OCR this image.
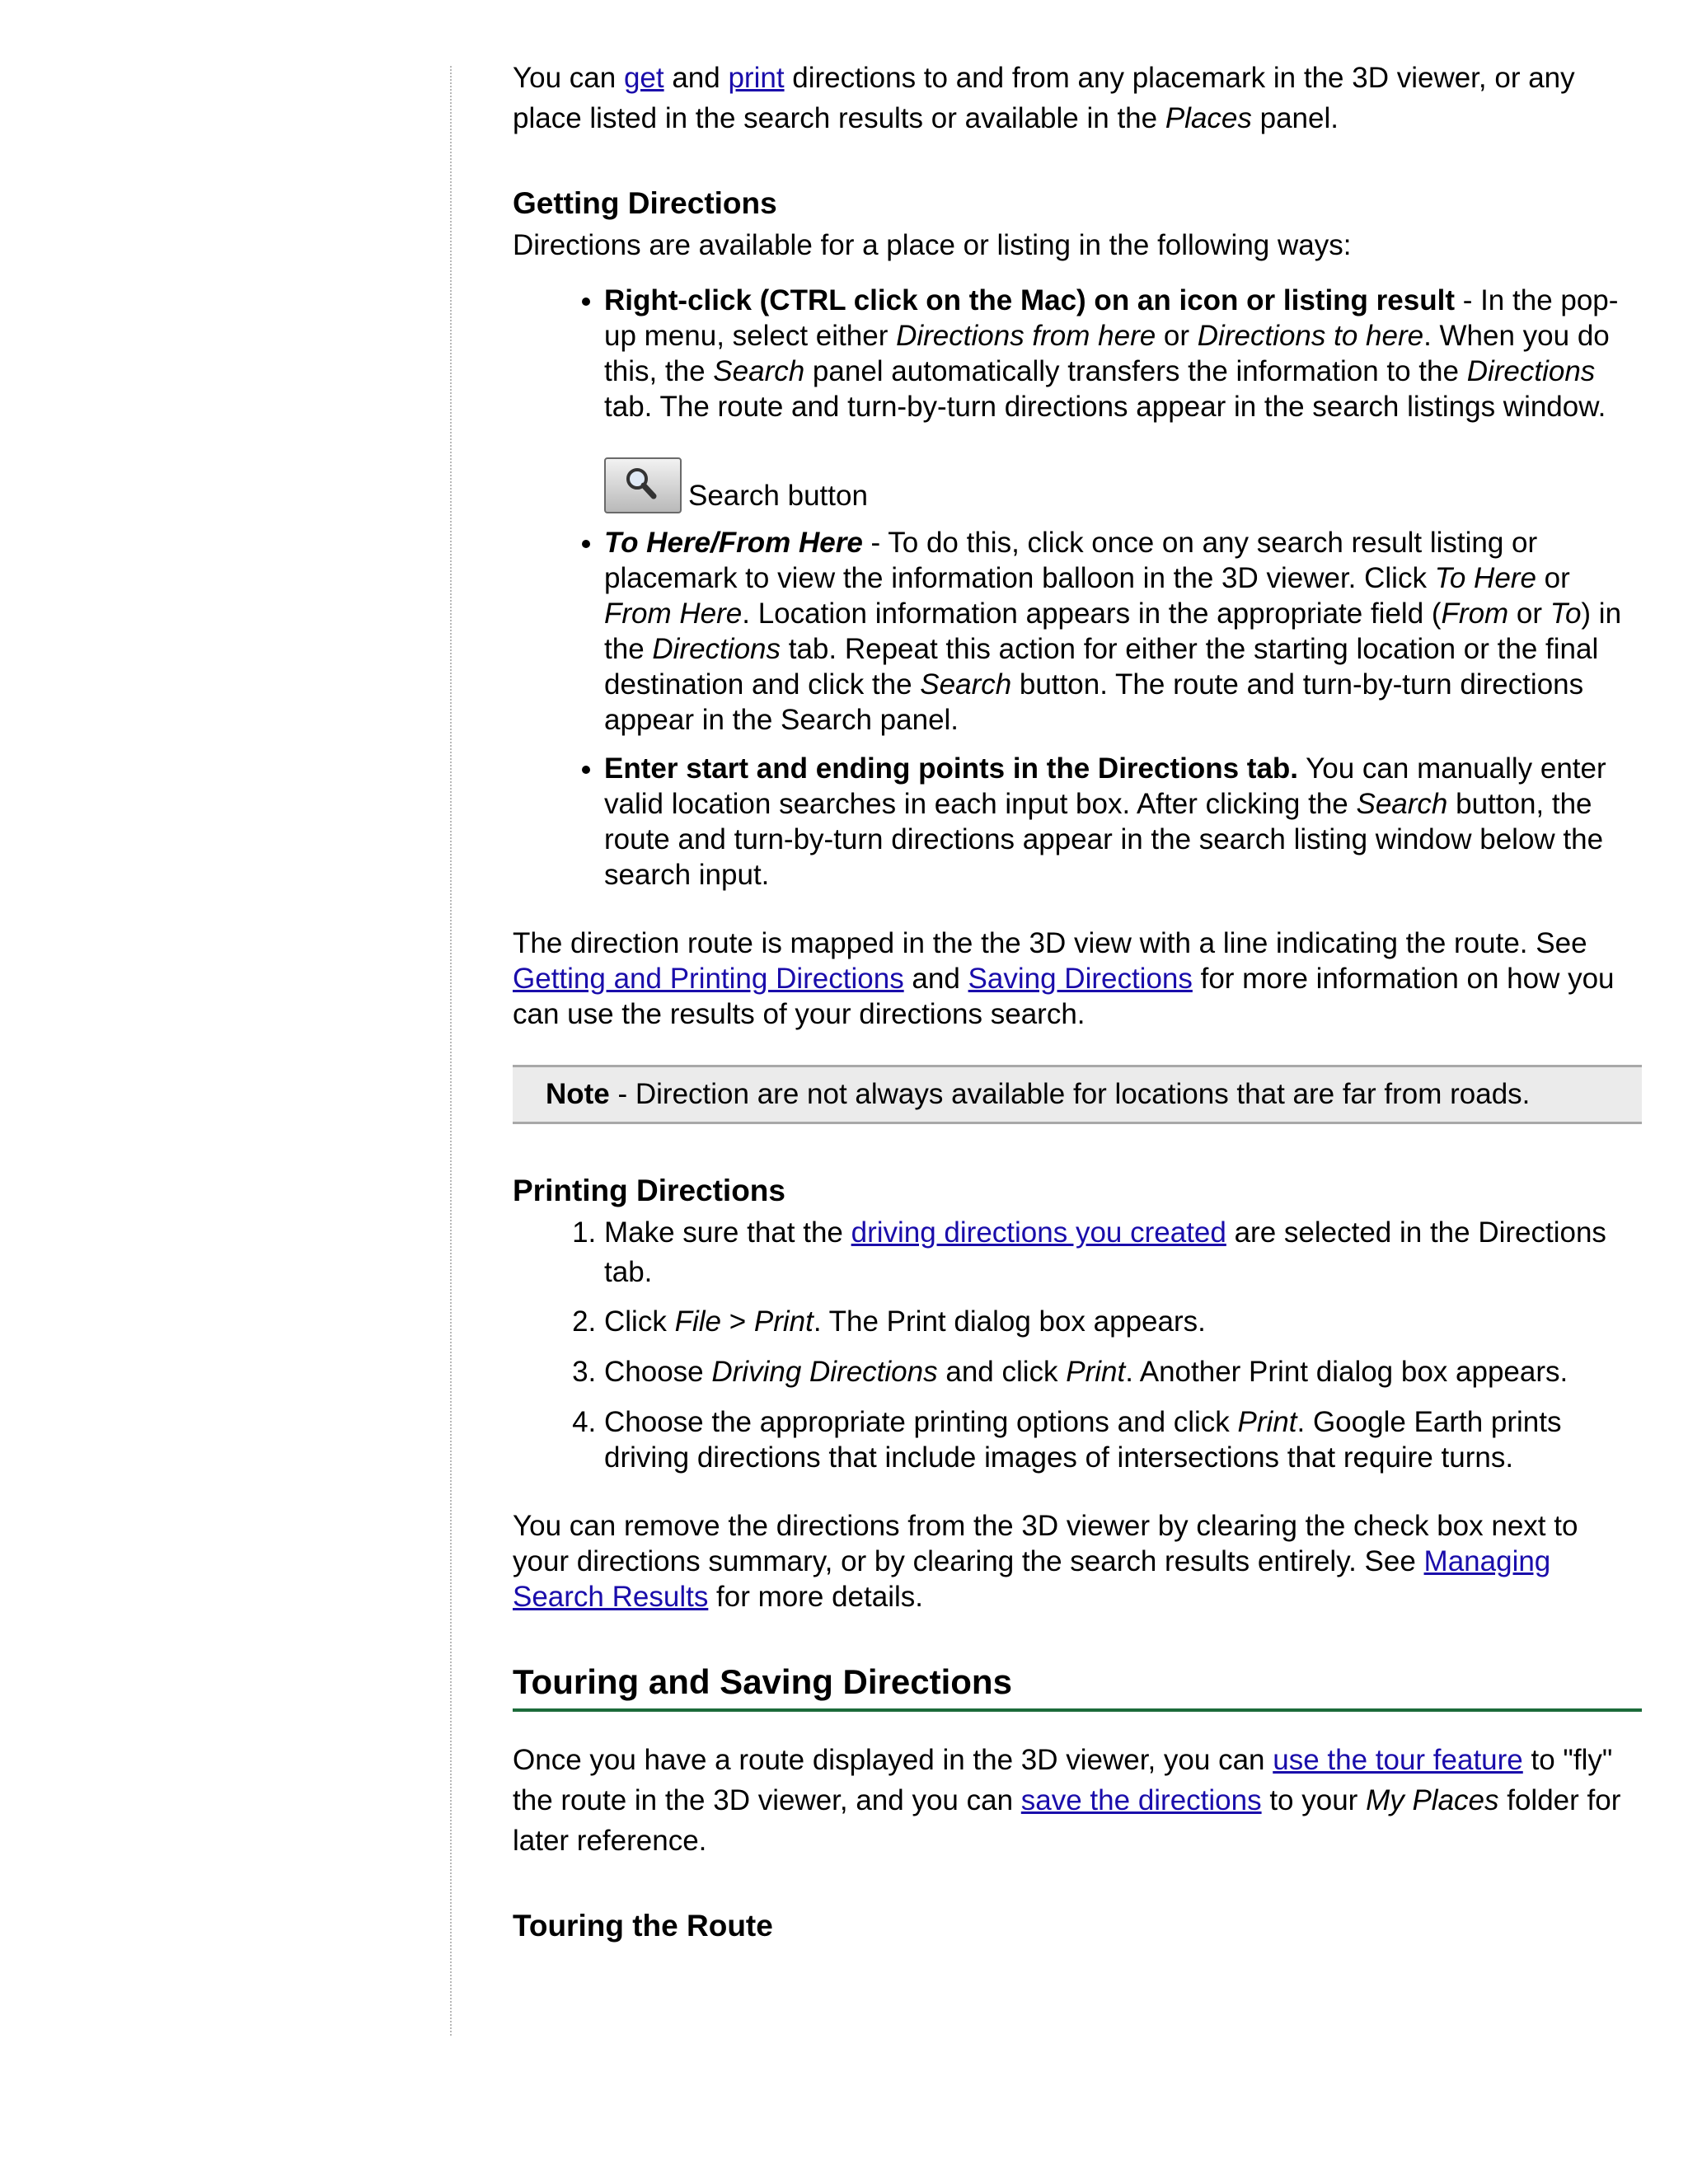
You can get and print directions to and from any placemark in the 3D viewer, or any place listed in the search results or available in the Places panel.

Getting Directions

Directions are available for a place or listing in the following ways:

• Right-click (CTRL click on the Mac) on an icon or listing result - In the pop-up menu, select either Directions from here or Directions to here. When you do this, the Search panel automatically transfers the information to the Directions tab. The route and turn-by-turn directions appear in the search listings window.
Search button
• To Here/From Here - To do this, click once on any search result listing or placemark to view the information balloon in the 3D viewer. Click To Here or From Here. Location information appears in the appropriate field (From or To) in the Directions tab. Repeat this action for either the starting location or the final destination and click the Search button. The route and turn-by-turn directions appear in the Search panel.
• Enter start and ending points in the Directions tab. You can manually enter valid location searches in each input box. After clicking the Search button, the route and turn-by-turn directions appear in the search listing window below the search input.

The direction route is mapped in the the 3D view with a line indicating the route. See Getting and Printing Directions and Saving Directions for more information on how you can use the results of your directions search.

Note - Direction are not always available for locations that are far from roads.
Printing Directions
1. Make sure that the driving directions you created are selected in the Directions tab.
2. Click File > Print. The Print dialog box appears.
3. Choose Driving Directions and click Print. Another Print dialog box appears.
4. Choose the appropriate printing options and click Print. Google Earth prints driving directions that include images of intersections that require turns.

You can remove the directions from the 3D viewer by clearing the check box next to your directions summary, or by clearing the search results entirely. See Managing Search Results for more details.

Touring and Saving Directions

Once you have a route displayed in the 3D viewer, you can use the tour feature to "fly" the route in the 3D viewer, and you can save the directions to your My Places folder for later reference.

Touring the Route
